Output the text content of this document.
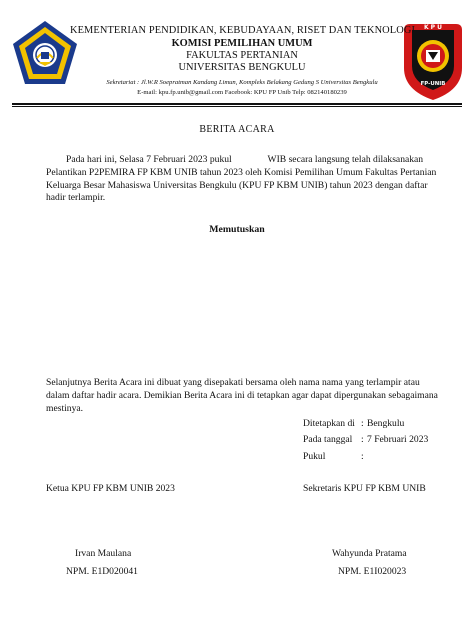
K P U
FP-UNIB
KEMENTERIAN PENDIDIKAN, KEBUDAYAAN, RISET DAN TEKNOLOGI
KOMISI PEMILIHAN UMUM
FAKULTAS PERTANIAN
UNIVERSITAS BENGKULU
Sekretariat : Jl.W.R Soepratman Kandang Limun, Kompleks Belakang Gedung S Universitas Bengkulu
E-mail: kpu.fp.unib@gmail.com Facebook: KPU FP Unib Telp: 082140180239
BERITA ACARA
Pada hari ini, Selasa 7 Februari 2023 pukul               WIB secara langsung telah dilaksanakan
Pelantikan P2PEMIRA FP KBM UNIB tahun 2023 oleh Komisi Pemilihan Umum Fakultas Pertanian
Keluarga Besar Mahasiswa Universitas Bengkulu (KPU FP KBM UNIB) tahun 2023 dengan daftar
hadir terlampir.
Memutuskan
Selanjutnya Berita Acara ini dibuat yang disepakati bersama oleh nama nama yang terlampir atau
dalam daftar hadir acara. Demikian Berita Acara ini di tetapkan agar dapat dipergunakan sebagaimana
mestinya.
Ditetapkan di : Bengkulu
Pada tanggal : 7 Februari 2023
Pukul	:
Ketua KPU FP KBM UNIB 2023	Sekretaris KPU FP KBM UNIB
Irvan Maulana	Wahyunda Pratama
NPM. E1D020041	NPM. E1I020023
